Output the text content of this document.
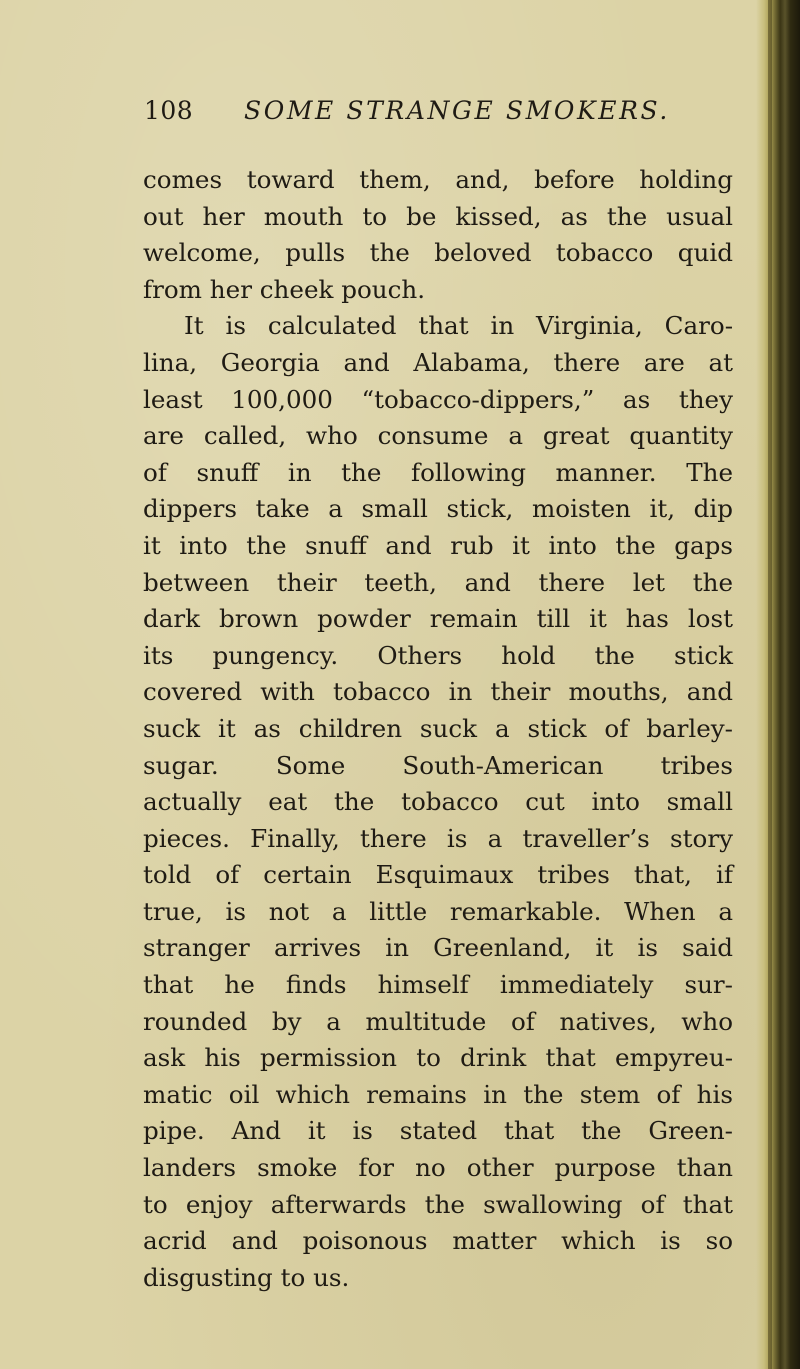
108 SOME STRANGE SMOKERS.
comes toward them, and, before holding
out her mouth to be kissed, as the usual
welcome, pulls the beloved tobacco quid
from her cheek pouch.
It is calculated that in Virginia, Caro-
lina, Georgia and Alabama, there are at
least 100,000 “tobacco-dippers,” as they
are called, who consume a great quantity
of snuff in the following manner. The
dippers take a small stick, moisten it, dip
it into the snuff and rub it into the gaps
between their teeth, and there let the
dark brown powder remain till it has lost
its pungency. Others hold the stick
covered with tobacco in their mouths, and
suck it as children suck a stick of barley-
sugar. Some South-American tribes
actually eat the tobacco cut into small
pieces. Finally, there is a traveller’s story
told of certain Esquimaux tribes that, if
true, is not a little remarkable. When a
stranger arrives in Greenland, it is said
that he finds himself immediately sur-
rounded by a multitude of natives, who
ask his permission to drink that empyreu-
matic oil which remains in the stem of his
pipe. And it is stated that the Green-
landers smoke for no other purpose than
to enjoy afterwards the swallowing of that
acrid and poisonous matter which is so
disgusting to us.
